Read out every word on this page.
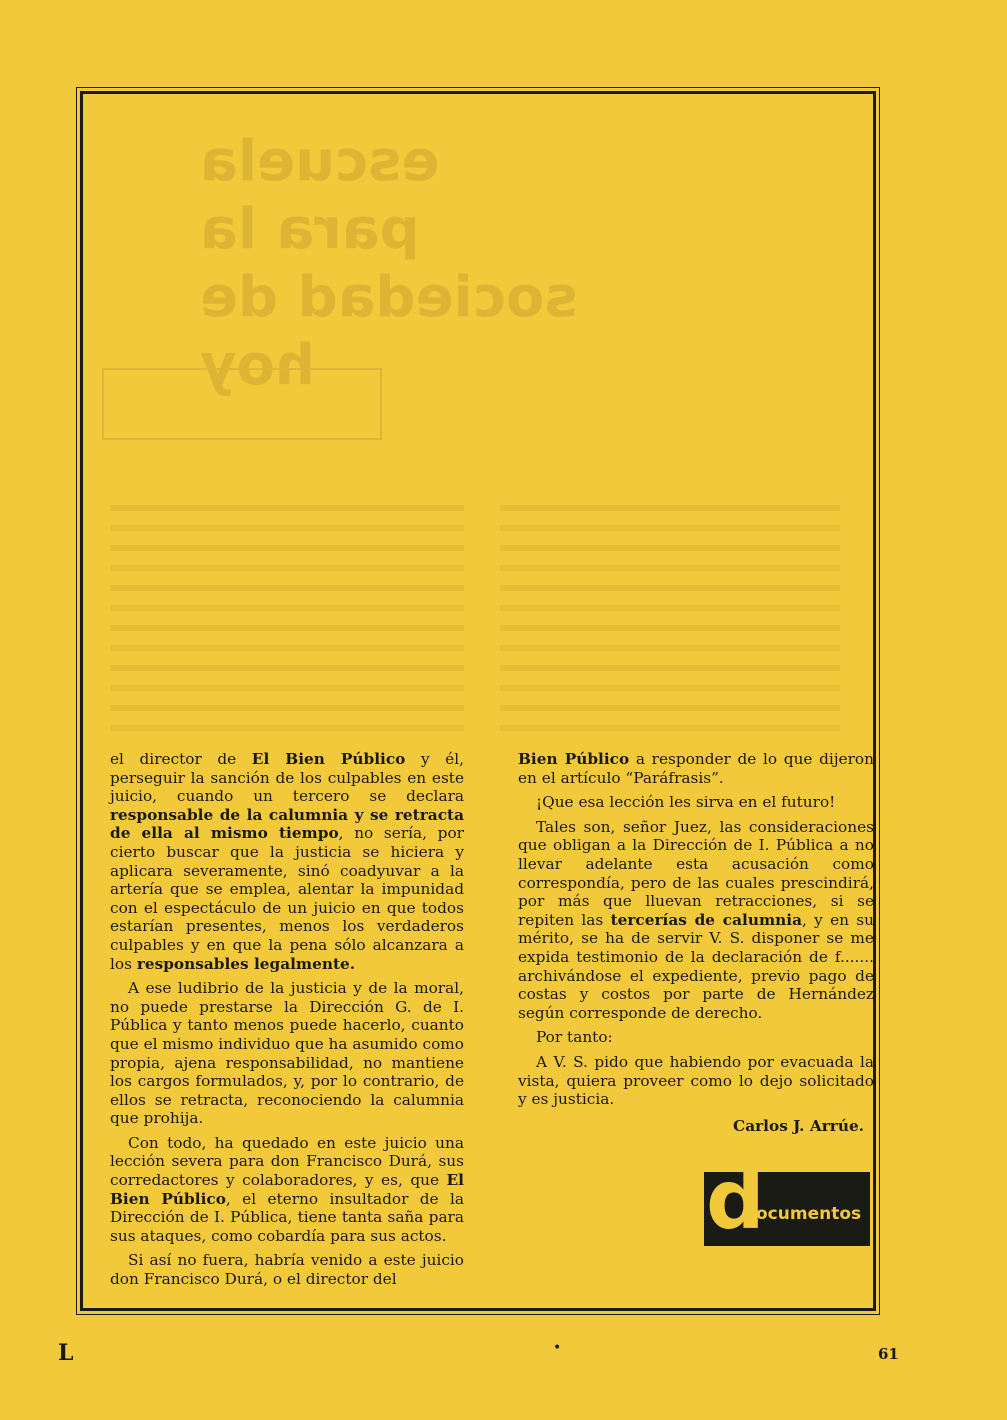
escuela
para la
sociedad de hoy

el director de El Bien Público y él, perseguir la sanción de los culpables en este juicio, cuando un tercero se declara responsable de la calumnia y se retracta de ella al mismo tiempo, no sería, por cierto buscar que la justicia se hiciera y aplicara severamente, sinó coadyuvar a la artería que se emplea, alentar la impunidad con el espectáculo de un juicio en que todos estarían presentes, menos los verdaderos culpables y en que la pena sólo alcanzara a los responsables legalmente.

A ese ludibrio de la justicia y de la moral, no puede prestarse la Dirección G. de I. Pública y tanto menos puede hacerlo, cuanto que el mismo individuo que ha asumido como propia, ajena responsabilidad, no mantiene los cargos formulados, y, por lo contrario, de ellos se retracta, reconociendo la calumnia que prohija.

Con todo, ha quedado en este juicio una lección severa para don Francisco Durá, sus corredactores y colaboradores, y es, que El Bien Público, el eterno insultador de la Dirección de I. Pública, tiene tanta saña para sus ataques, como cobardía para sus actos.

Si así no fuera, habría venido a este juicio don Francisco Durá, o el director del

Bien Público a responder de lo que dijeron en el artículo “Paráfrasis”.

¡Que esa lección les sirva en el futuro!

Tales son, señor Juez, las consideraciones que obligan a la Dirección de I. Pública a no llevar adelante esta acusación como correspondía, pero de las cuales prescindirá, por más que lluevan retracciones, si se repiten las tercerías de calumnia, y en su mérito, se ha de servir V. S. disponer se me expida testimonio de la declaración de f....... archivándose el expediente, previo pago de costas y costos por parte de Hernández según corresponde de derecho.

Por tanto:

A V. S. pido que habiendo por evacuada la vista, quiera proveer como lo dejo solicitado y es justicia.

Carlos J. Arrúe.
d
ocumentos
L	•	61
